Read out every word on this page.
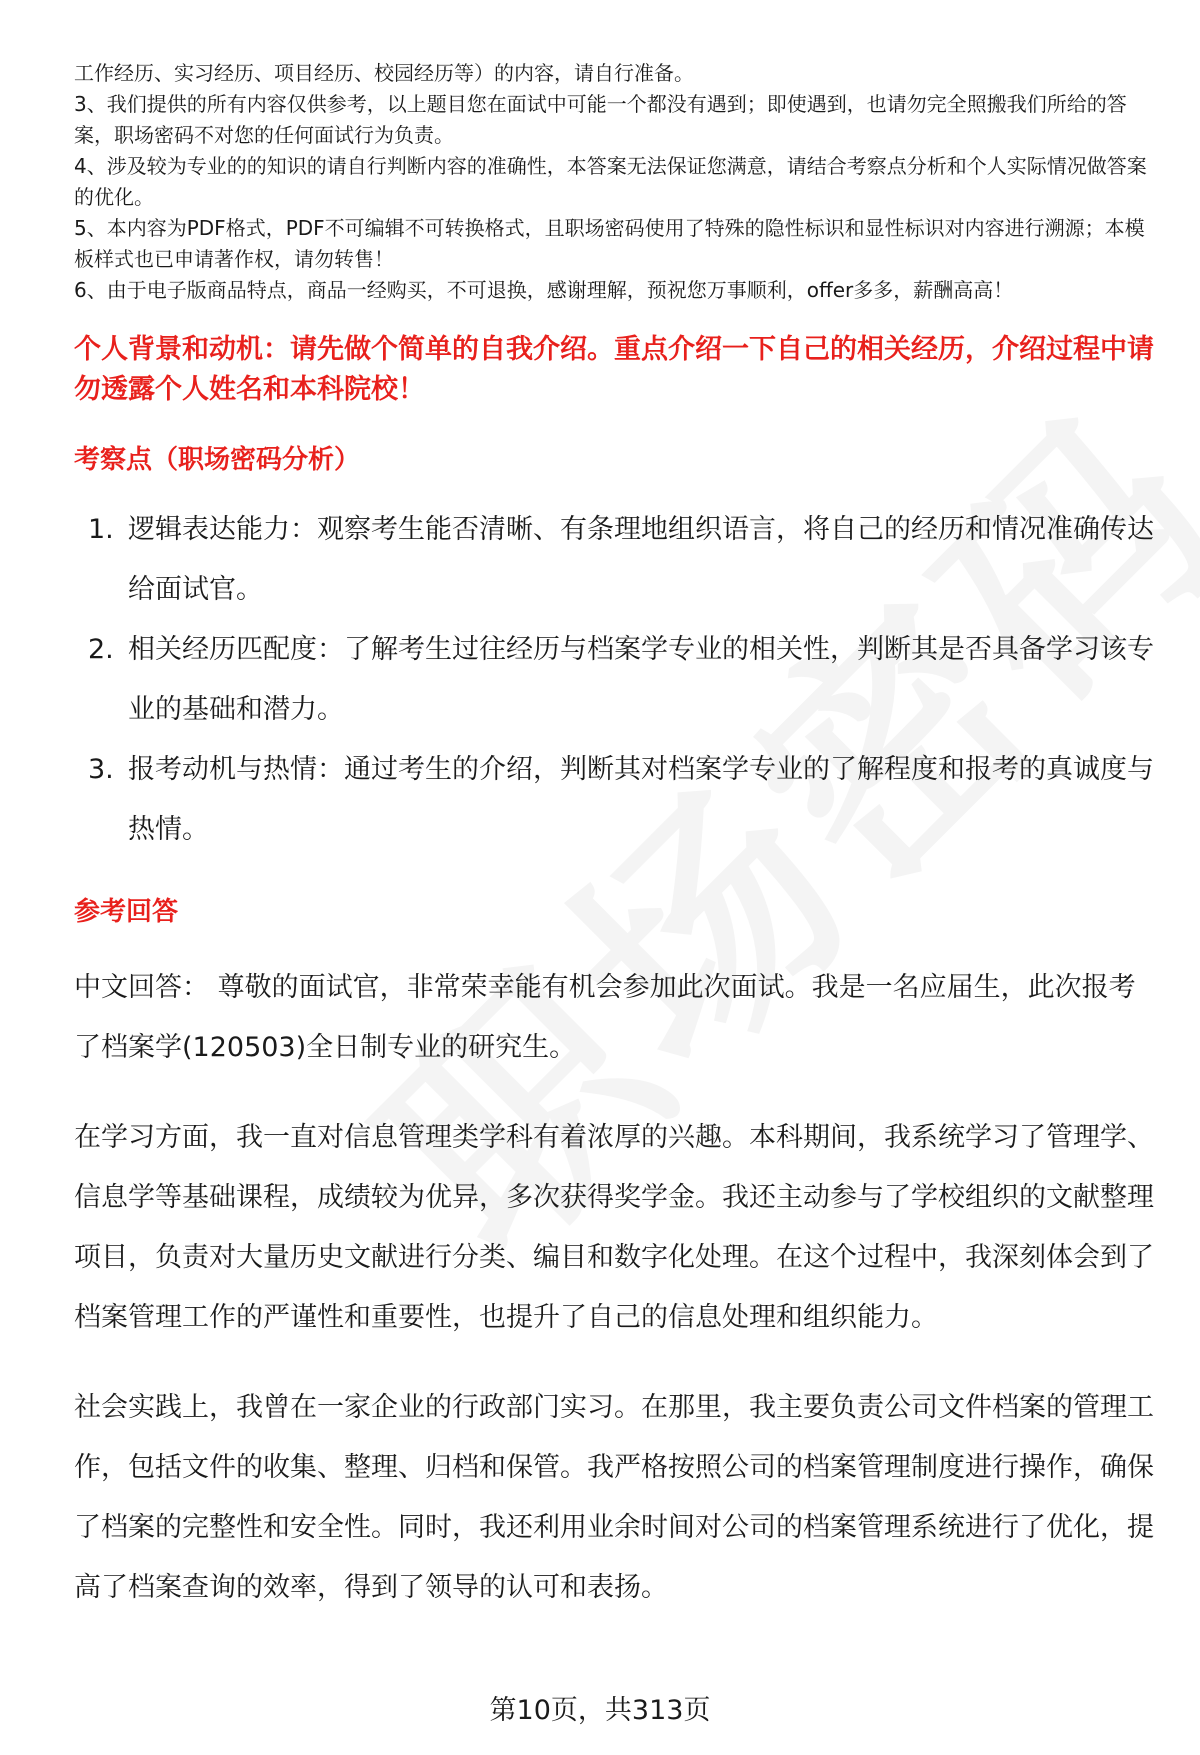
工作经历、实习经历、项目经历、校园经历等）的内容，请自行准备。

3、我们提供的所有内容仅供参考，以上题目您在面试中可能一个都没有遇到；即使遇到，也请勿完全照搬我们所给的答案，职场密码不对您的任何面试行为负责。

4、涉及较为专业的的知识的请自行判断内容的准确性，本答案无法保证您满意，请结合考察点分析和个人实际情况做答案的优化。

5、本内容为PDF格式，PDF不可编辑不可转换格式，且职场密码使用了特殊的隐性标识和显性标识对内容进行溯源；本模板样式也已申请著作权，请勿转售！

6、由于电子版商品特点，商品一经购买，不可退换，感谢理解，预祝您万事顺利，offer多多，薪酬高高！

个人背景和动机：请先做个简单的自我介绍。重点介绍一下自己的相关经历，介绍过程中请勿透露个人姓名和本科院校！

考察点（职场密码分析）

1. 逻辑表达能力：观察考生能否清晰、有条理地组织语言，将自己的经历和情况准确传达给面试官。
2. 相关经历匹配度：了解考生过往经历与档案学专业的相关性，判断其是否具备学习该专业的基础和潜力。
3. 报考动机与热情：通过考生的介绍，判断其对档案学专业的了解程度和报考的真诚度与热情。

参考回答

中文回答： 尊敬的面试官，非常荣幸能有机会参加此次面试。我是一名应届生，此次报考了档案学(120503)全日制专业的研究生。

在学习方面，我一直对信息管理类学科有着浓厚的兴趣。本科期间，我系统学习了管理学、信息学等基础课程，成绩较为优异，多次获得奖学金。我还主动参与了学校组织的文献整理项目，负责对大量历史文献进行分类、编目和数字化处理。在这个过程中，我深刻体会到了档案管理工作的严谨性和重要性，也提升了自己的信息处理和组织能力。

社会实践上，我曾在一家企业的行政部门实习。在那里，我主要负责公司文件档案的管理工作，包括文件的收集、整理、归档和保管。我严格按照公司的档案管理制度进行操作，确保了档案的完整性和安全性。同时，我还利用业余时间对公司的档案管理系统进行了优化，提高了档案查询的效率，得到了领导的认可和表扬。

第10页，共313页
